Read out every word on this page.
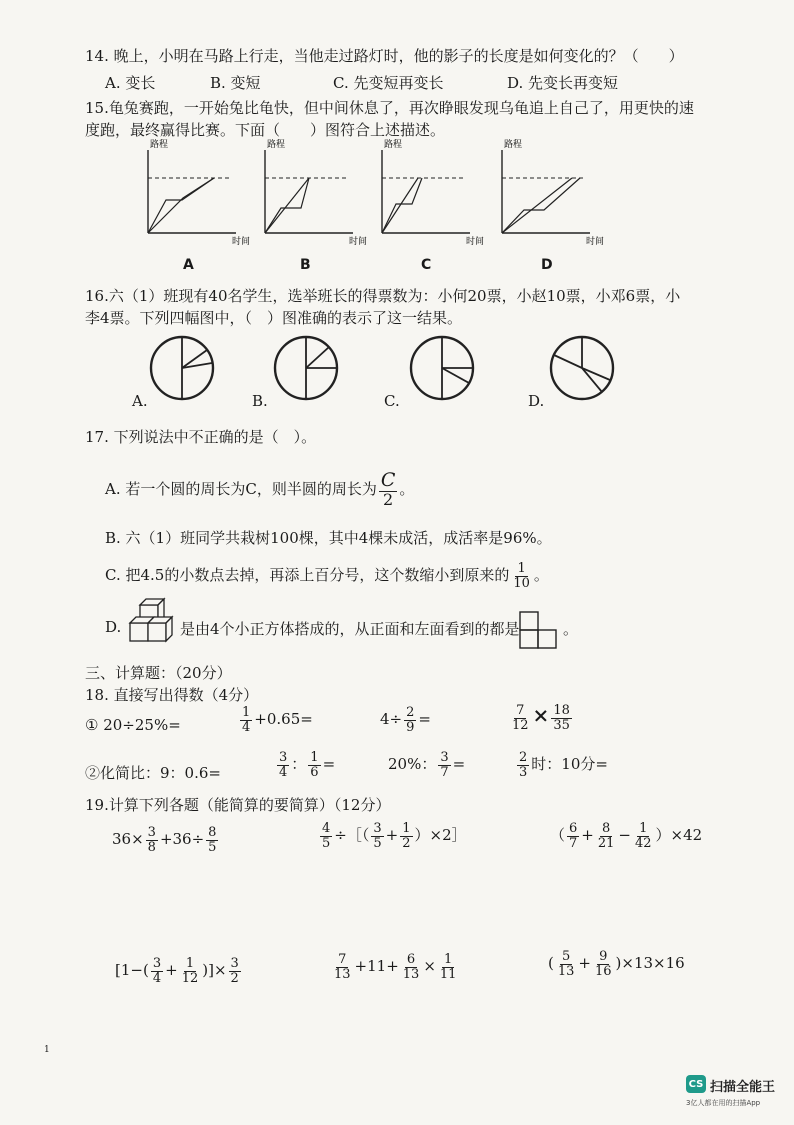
14. 晚上，小明在马路上行走，当他走过路灯时，他的影子的长度是如何变化的？（　　）
A. 变长	B. 变短	C. 先变短再变长	D. 先变长再变短
15.龟兔赛跑，一开始兔比龟快，但中间休息了，再次睁眼发现乌龟追上自己了，用更快的速
度跑，最终赢得比赛。下面（　　）图符合上述描述。
路程
时间
路程
时间
路程
时间
路程
时间
A	B	C	D
16.六（1）班现有40名学生，选举班长的得票数为：小何20票，小赵10票，小邓6票，小
李4票。下列四幅图中，（　）图准确的表示了这一结果。
A.	B.	C.	D.
17. 下列说法中不正确的是（　）。
A. 若一个圆的周长为C，则半圆的周长为 $\frac{C}{2}$ 。
B. 六（1）班同学共栽树100棵，其中4棵未成活，成活率是96%。
C. 把4.5的小数点去掉，再添上百分号，这个数缩小到原来的 $\frac{1}{10}$ 。
D.	是由4个小正方体搭成的，从正面和左面看到的都是	。
三、计算题：（20分）
18. 直接写出得数（4分）
① 20÷25%=	$\frac{1}{4} +0.65=$	$4\div \frac{2}{9}$ =	$\frac{7}{12} \times \frac{18}{35}$
②化简比：9：0.6=	$\frac{3}{4}$ ： $\frac{1}{6}$ =	20%： $\frac{3}{7}$ =	$\frac{2}{3}$ 时：10分=
19.计算下列各题（能简算的要简算）（12分）
$36\times \frac{3}{8} +36\div \frac{8}{5}$	$\frac{4}{5}$ ÷［（ $\frac{3}{5} + \frac{1}{2}$ ）×2］	（ $\frac{6}{7} + \frac{8}{21} - \frac{1}{42} )\times 42$
[$1-( \frac{3}{4} + \frac{1}{12}$ )]× $\frac{3}{2}$	$\frac{7}{13} +11+ \frac{6}{13} \times \frac{1}{11}$	( $\frac{5}{13} + \frac{9}{16} )\times 13\times 16$
1
CS 扫描全能王
3亿人都在用的扫描App
